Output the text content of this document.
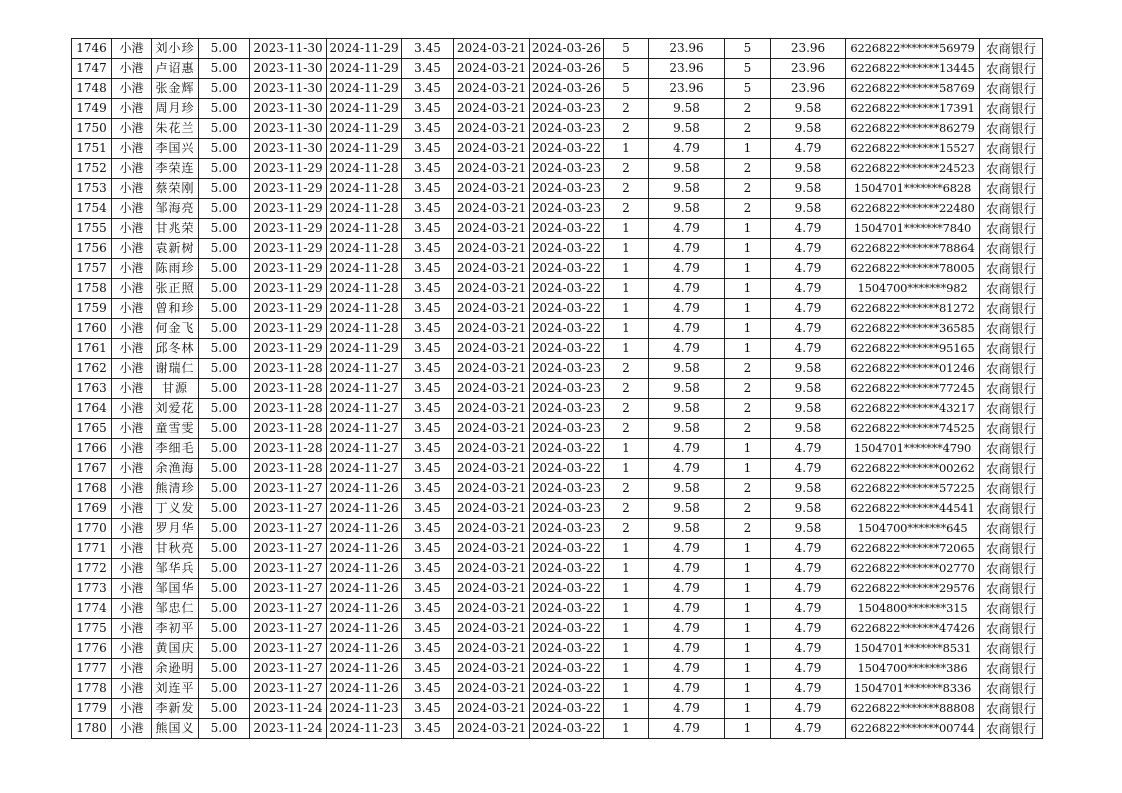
1746	小港	刘小珍	5.00	2023-11-30	2024-11-29	3.45	2024-03-21	2024-03-26	5	23.96	5	23.96	6226822*******56979	农商银行
1747	小港	卢诏惠	5.00	2023-11-30	2024-11-29	3.45	2024-03-21	2024-03-26	5	23.96	5	23.96	6226822*******13445	农商银行
1748	小港	张金辉	5.00	2023-11-30	2024-11-29	3.45	2024-03-21	2024-03-26	5	23.96	5	23.96	6226822*******58769	农商银行
1749	小港	周月珍	5.00	2023-11-30	2024-11-29	3.45	2024-03-21	2024-03-23	2	9.58	2	9.58	6226822*******17391	农商银行
1750	小港	朱花兰	5.00	2023-11-30	2024-11-29	3.45	2024-03-21	2024-03-23	2	9.58	2	9.58	6226822*******86279	农商银行
1751	小港	李国兴	5.00	2023-11-30	2024-11-29	3.45	2024-03-21	2024-03-22	1	4.79	1	4.79	6226822*******15527	农商银行
1752	小港	李荣连	5.00	2023-11-29	2024-11-28	3.45	2024-03-21	2024-03-23	2	9.58	2	9.58	6226822*******24523	农商银行
1753	小港	蔡荣刚	5.00	2023-11-29	2024-11-28	3.45	2024-03-21	2024-03-23	2	9.58	2	9.58	1504701*******6828	农商银行
1754	小港	邹海亮	5.00	2023-11-29	2024-11-28	3.45	2024-03-21	2024-03-23	2	9.58	2	9.58	6226822*******22480	农商银行
1755	小港	甘兆荣	5.00	2023-11-29	2024-11-28	3.45	2024-03-21	2024-03-22	1	4.79	1	4.79	1504701*******7840	农商银行
1756	小港	袁新树	5.00	2023-11-29	2024-11-28	3.45	2024-03-21	2024-03-22	1	4.79	1	4.79	6226822*******78864	农商银行
1757	小港	陈雨珍	5.00	2023-11-29	2024-11-28	3.45	2024-03-21	2024-03-22	1	4.79	1	4.79	6226822*******78005	农商银行
1758	小港	张正照	5.00	2023-11-29	2024-11-28	3.45	2024-03-21	2024-03-22	1	4.79	1	4.79	1504700*******982	农商银行
1759	小港	曾和珍	5.00	2023-11-29	2024-11-28	3.45	2024-03-21	2024-03-22	1	4.79	1	4.79	6226822*******81272	农商银行
1760	小港	何金飞	5.00	2023-11-29	2024-11-28	3.45	2024-03-21	2024-03-22	1	4.79	1	4.79	6226822*******36585	农商银行
1761	小港	邱冬林	5.00	2023-11-29	2024-11-29	3.45	2024-03-21	2024-03-22	1	4.79	1	4.79	6226822*******95165	农商银行
1762	小港	谢瑞仁	5.00	2023-11-28	2024-11-27	3.45	2024-03-21	2024-03-23	2	9.58	2	9.58	6226822*******01246	农商银行
1763	小港	甘源	5.00	2023-11-28	2024-11-27	3.45	2024-03-21	2024-03-23	2	9.58	2	9.58	6226822*******77245	农商银行
1764	小港	刘爱花	5.00	2023-11-28	2024-11-27	3.45	2024-03-21	2024-03-23	2	9.58	2	9.58	6226822*******43217	农商银行
1765	小港	童雪雯	5.00	2023-11-28	2024-11-27	3.45	2024-03-21	2024-03-23	2	9.58	2	9.58	6226822*******74525	农商银行
1766	小港	李细毛	5.00	2023-11-28	2024-11-27	3.45	2024-03-21	2024-03-22	1	4.79	1	4.79	1504701*******4790	农商银行
1767	小港	余渔海	5.00	2023-11-28	2024-11-27	3.45	2024-03-21	2024-03-22	1	4.79	1	4.79	6226822*******00262	农商银行
1768	小港	熊清珍	5.00	2023-11-27	2024-11-26	3.45	2024-03-21	2024-03-23	2	9.58	2	9.58	6226822*******57225	农商银行
1769	小港	丁义发	5.00	2023-11-27	2024-11-26	3.45	2024-03-21	2024-03-23	2	9.58	2	9.58	6226822*******44541	农商银行
1770	小港	罗月华	5.00	2023-11-27	2024-11-26	3.45	2024-03-21	2024-03-23	2	9.58	2	9.58	1504700*******645	农商银行
1771	小港	甘秋亮	5.00	2023-11-27	2024-11-26	3.45	2024-03-21	2024-03-22	1	4.79	1	4.79	6226822*******72065	农商银行
1772	小港	邹华兵	5.00	2023-11-27	2024-11-26	3.45	2024-03-21	2024-03-22	1	4.79	1	4.79	6226822*******02770	农商银行
1773	小港	邹国华	5.00	2023-11-27	2024-11-26	3.45	2024-03-21	2024-03-22	1	4.79	1	4.79	6226822*******29576	农商银行
1774	小港	邹忠仁	5.00	2023-11-27	2024-11-26	3.45	2024-03-21	2024-03-22	1	4.79	1	4.79	1504800*******315	农商银行
1775	小港	李初平	5.00	2023-11-27	2024-11-26	3.45	2024-03-21	2024-03-22	1	4.79	1	4.79	6226822*******47426	农商银行
1776	小港	黄国庆	5.00	2023-11-27	2024-11-26	3.45	2024-03-21	2024-03-22	1	4.79	1	4.79	1504701*******8531	农商银行
1777	小港	余逊明	5.00	2023-11-27	2024-11-26	3.45	2024-03-21	2024-03-22	1	4.79	1	4.79	1504700*******386	农商银行
1778	小港	刘连平	5.00	2023-11-27	2024-11-26	3.45	2024-03-21	2024-03-22	1	4.79	1	4.79	1504701*******8336	农商银行
1779	小港	李新发	5.00	2023-11-24	2024-11-23	3.45	2024-03-21	2024-03-22	1	4.79	1	4.79	6226822*******88808	农商银行
1780	小港	熊国义	5.00	2023-11-24	2024-11-23	3.45	2024-03-21	2024-03-22	1	4.79	1	4.79	6226822*******00744	农商银行
